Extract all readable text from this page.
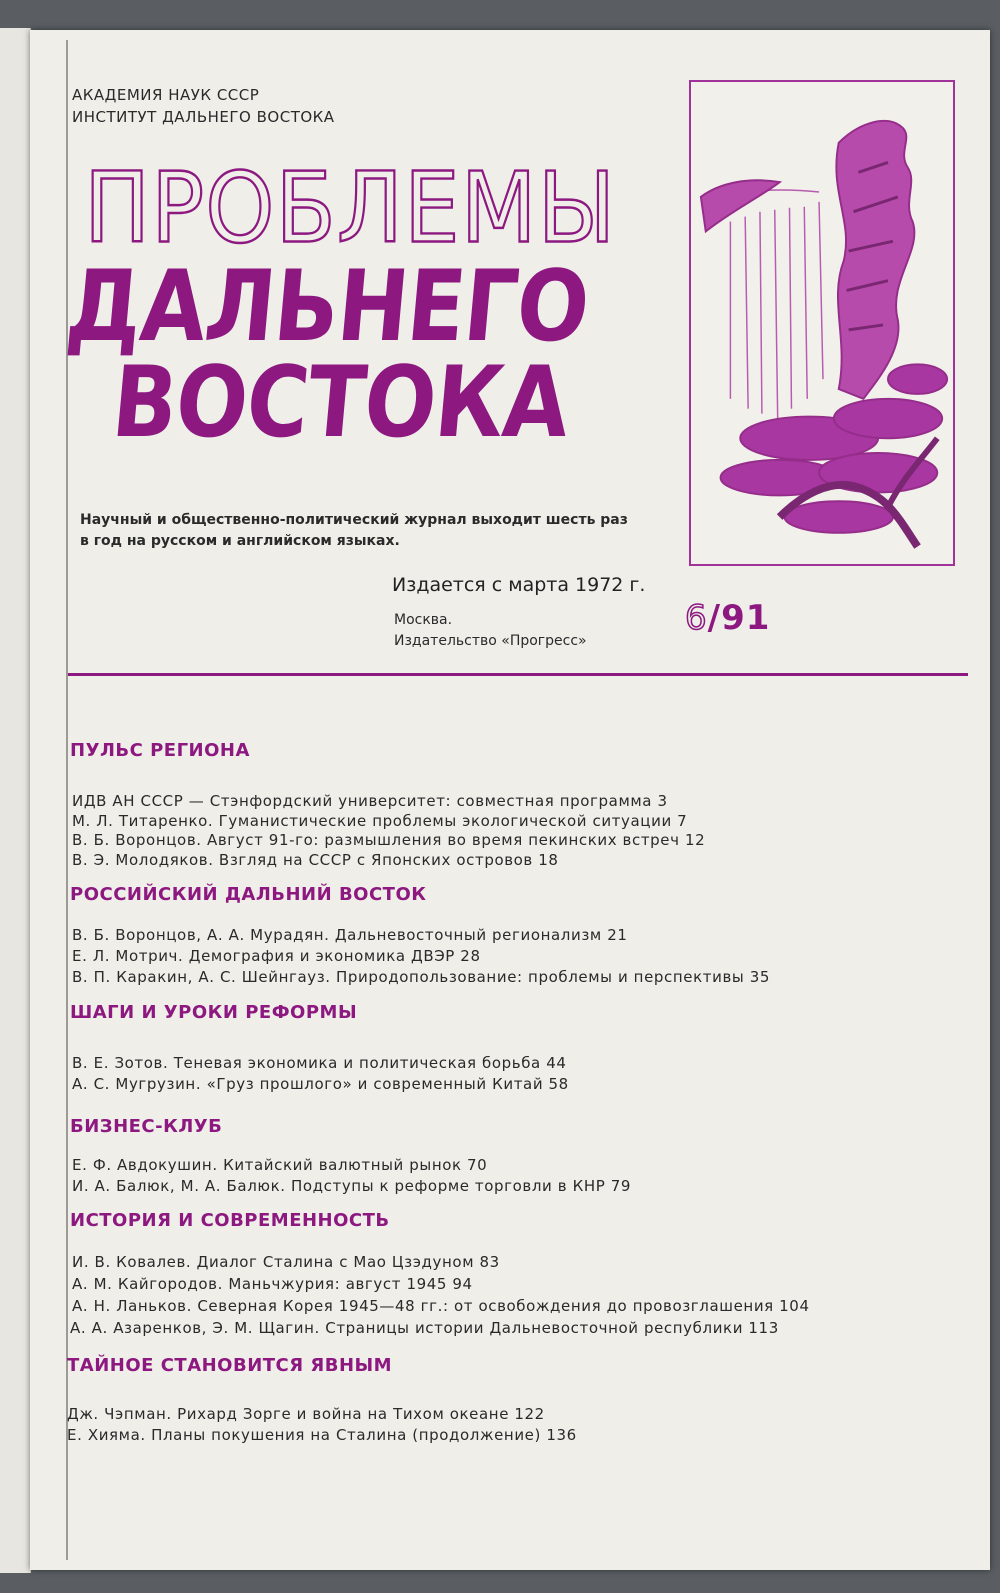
АКАДЕМИЯ НАУК СССР
ИНСТИТУТ ДАЛЬНЕГО ВОСТОКА
ПРОБЛЕМЫ
ДАЛЬНЕГО
ВОСТОКА
Научный и общественно-политический журнал выходит шесть раз
в год на русском и английском языках.
Издается с марта 1972 г.
Москва.
Издательство «Прогресс»
6/91
ПУЛЬС РЕГИОНА
ИДВ АН СССР — Стэнфордский университет: совместная программа 3
М. Л. Титаренко. Гуманистические проблемы экологической ситуации 7
В. Б. Воронцов. Август 91-го: размышления во время пекинских встреч 12
В. Э. Молодяков. Взгляд на СССР с Японских островов 18
РОССИЙСКИЙ ДАЛЬНИЙ ВОСТОК
В. Б. Воронцов, А. А. Мурадян. Дальневосточный регионализм 21
Е. Л. Мотрич. Демография и экономика ДВЭР 28
В. П. Каракин, А. С. Шейнгауз. Природопользование: проблемы и перспективы 35
ШАГИ И УРОКИ РЕФОРМЫ
В. Е. Зотов. Теневая экономика и политическая борьба 44
А. С. Мугрузин. «Груз прошлого» и современный Китай 58
БИЗНЕС-КЛУБ
Е. Ф. Авдокушин. Китайский валютный рынок 70
И. А. Балюк, М. А. Балюк. Подступы к реформе торговли в КНР 79
ИСТОРИЯ И СОВРЕМЕННОСТЬ
И. В. Ковалев. Диалог Сталина с Мао Цзэдуном 83
А. М. Кайгородов. Маньчжурия: август 1945 94
А. Н. Ланьков. Северная Корея 1945—48 гг.: от освобождения до провозглашения 104
А. А. Азаренков, Э. М. Щагин. Страницы истории Дальневосточной республики 113
ТАЙНОЕ СТАНОВИТСЯ ЯВНЫМ
Дж. Чэпман. Рихард Зорге и война на Тихом океане 122
Е. Хияма. Планы покушения на Сталина (продолжение) 136
